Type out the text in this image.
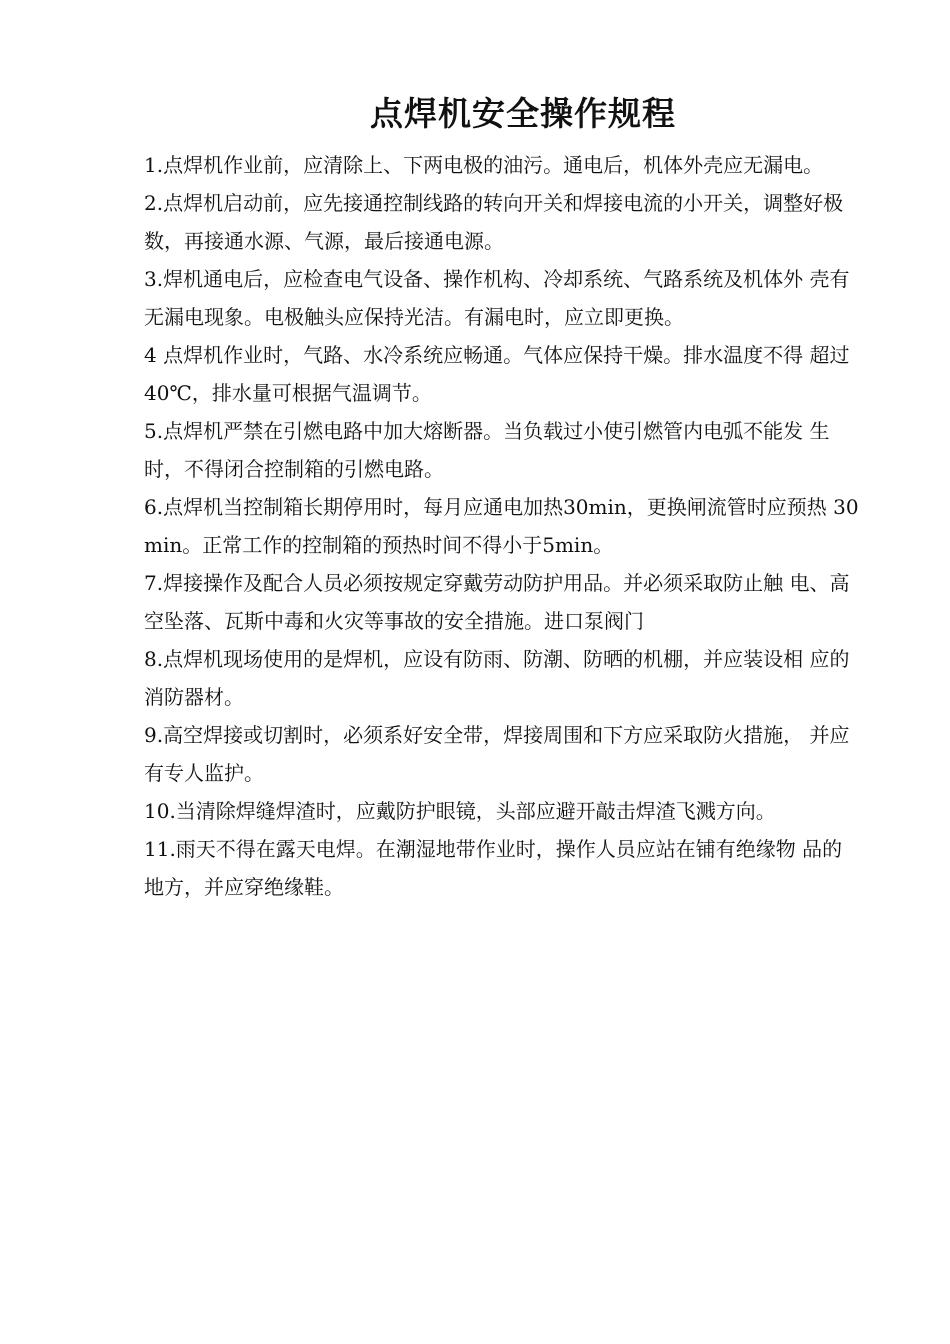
点焊机安全操作规程

1.点焊机作业前，应清除上、下两电极的油污。通电后，机体外壳应无漏电。

2.点焊机启动前，应先接通控制线路的转向开关和焊接电流的小开关，调整好极数，再接通水源、气源，最后接通电源。

3.焊机通电后，应检查电气设备、操作机构、冷却系统、气路系统及机体外 壳有无漏电现象。电极触头应保持光洁。有漏电时，应立即更换。

4 点焊机作业时，气路、水冷系统应畅通。气体应保持干燥。排水温度不得 超过40℃，排水量可根据气温调节。

5.点焊机严禁在引燃电路中加大熔断器。当负载过小使引燃管内电弧不能发 生时，不得闭合控制箱的引燃电路。

6.点焊机当控制箱长期停用时，每月应通电加热30min，更换闸流管时应预热 30min。正常工作的控制箱的预热时间不得小于5min。

7.焊接操作及配合人员必须按规定穿戴劳动防护用品。并必须采取防止触 电、高空坠落、瓦斯中毒和火灾等事故的安全措施。进口泵阀门

8.点焊机现场使用的是焊机，应设有防雨、防潮、防晒的机棚，并应装设相 应的消防器材。

9.高空焊接或切割时，必须系好安全带，焊接周围和下方应采取防火措施， 并应有专人监护。

10.当清除焊缝焊渣时，应戴防护眼镜，头部应避开敲击焊渣飞溅方向。

11.雨天不得在露天电焊。在潮湿地带作业时，操作人员应站在铺有绝缘物 品的地方，并应穿绝缘鞋。
